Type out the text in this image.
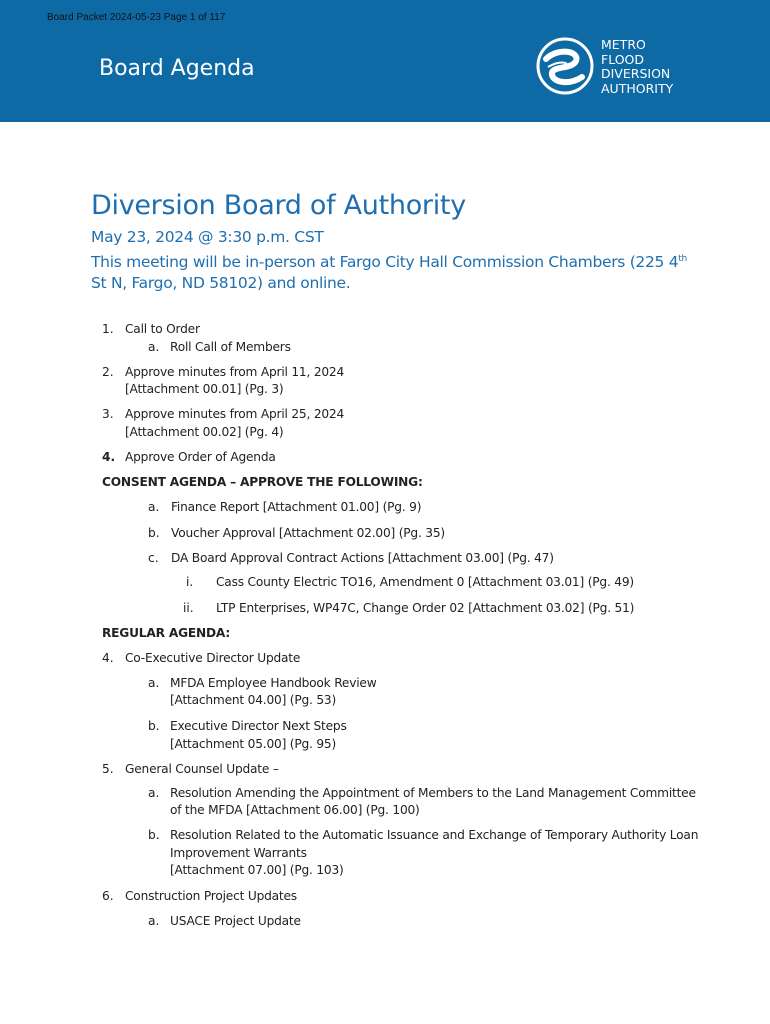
Board Packet 2024-05-23 Page 1 of 117
Board Agenda
METRO
FLOOD
DIVERSION
AUTHORITY
Diversion Board of Authority
May 23, 2024 @ 3:30 p.m. CST
This meeting will be in-person at Fargo City Hall Commission Chambers (225 4th St N, Fargo, ND 58102) and online.
1. Call to Order
a. Roll Call of Members
2. Approve minutes from April 11, 2024
[Attachment 00.01] (Pg. 3)
3. Approve minutes from April 25, 2024
[Attachment 00.02] (Pg. 4)
4. Approve Order of Agenda
CONSENT AGENDA – APPROVE THE FOLLOWING:
a. Finance Report [Attachment 01.00] (Pg. 9)
b. Voucher Approval [Attachment 02.00] (Pg. 35)
c. DA Board Approval Contract Actions [Attachment 03.00] (Pg. 47)
i. Cass County Electric TO16, Amendment 0 [Attachment 03.01] (Pg. 49)
ii. LTP Enterprises, WP47C, Change Order 02 [Attachment 03.02] (Pg. 51)
REGULAR AGENDA:
4. Co-Executive Director Update
a. MFDA Employee Handbook Review
[Attachment 04.00] (Pg. 53)
b. Executive Director Next Steps
[Attachment 05.00] (Pg. 95)
5. General Counsel Update –
a. Resolution Amending the Appointment of Members to the Land Management Committee
of the MFDA [Attachment 06.00] (Pg. 100)
b. Resolution Related to the Automatic Issuance and Exchange of Temporary Authority Loan
Improvement Warrants
[Attachment 07.00] (Pg. 103)
6. Construction Project Updates
a. USACE Project Update
